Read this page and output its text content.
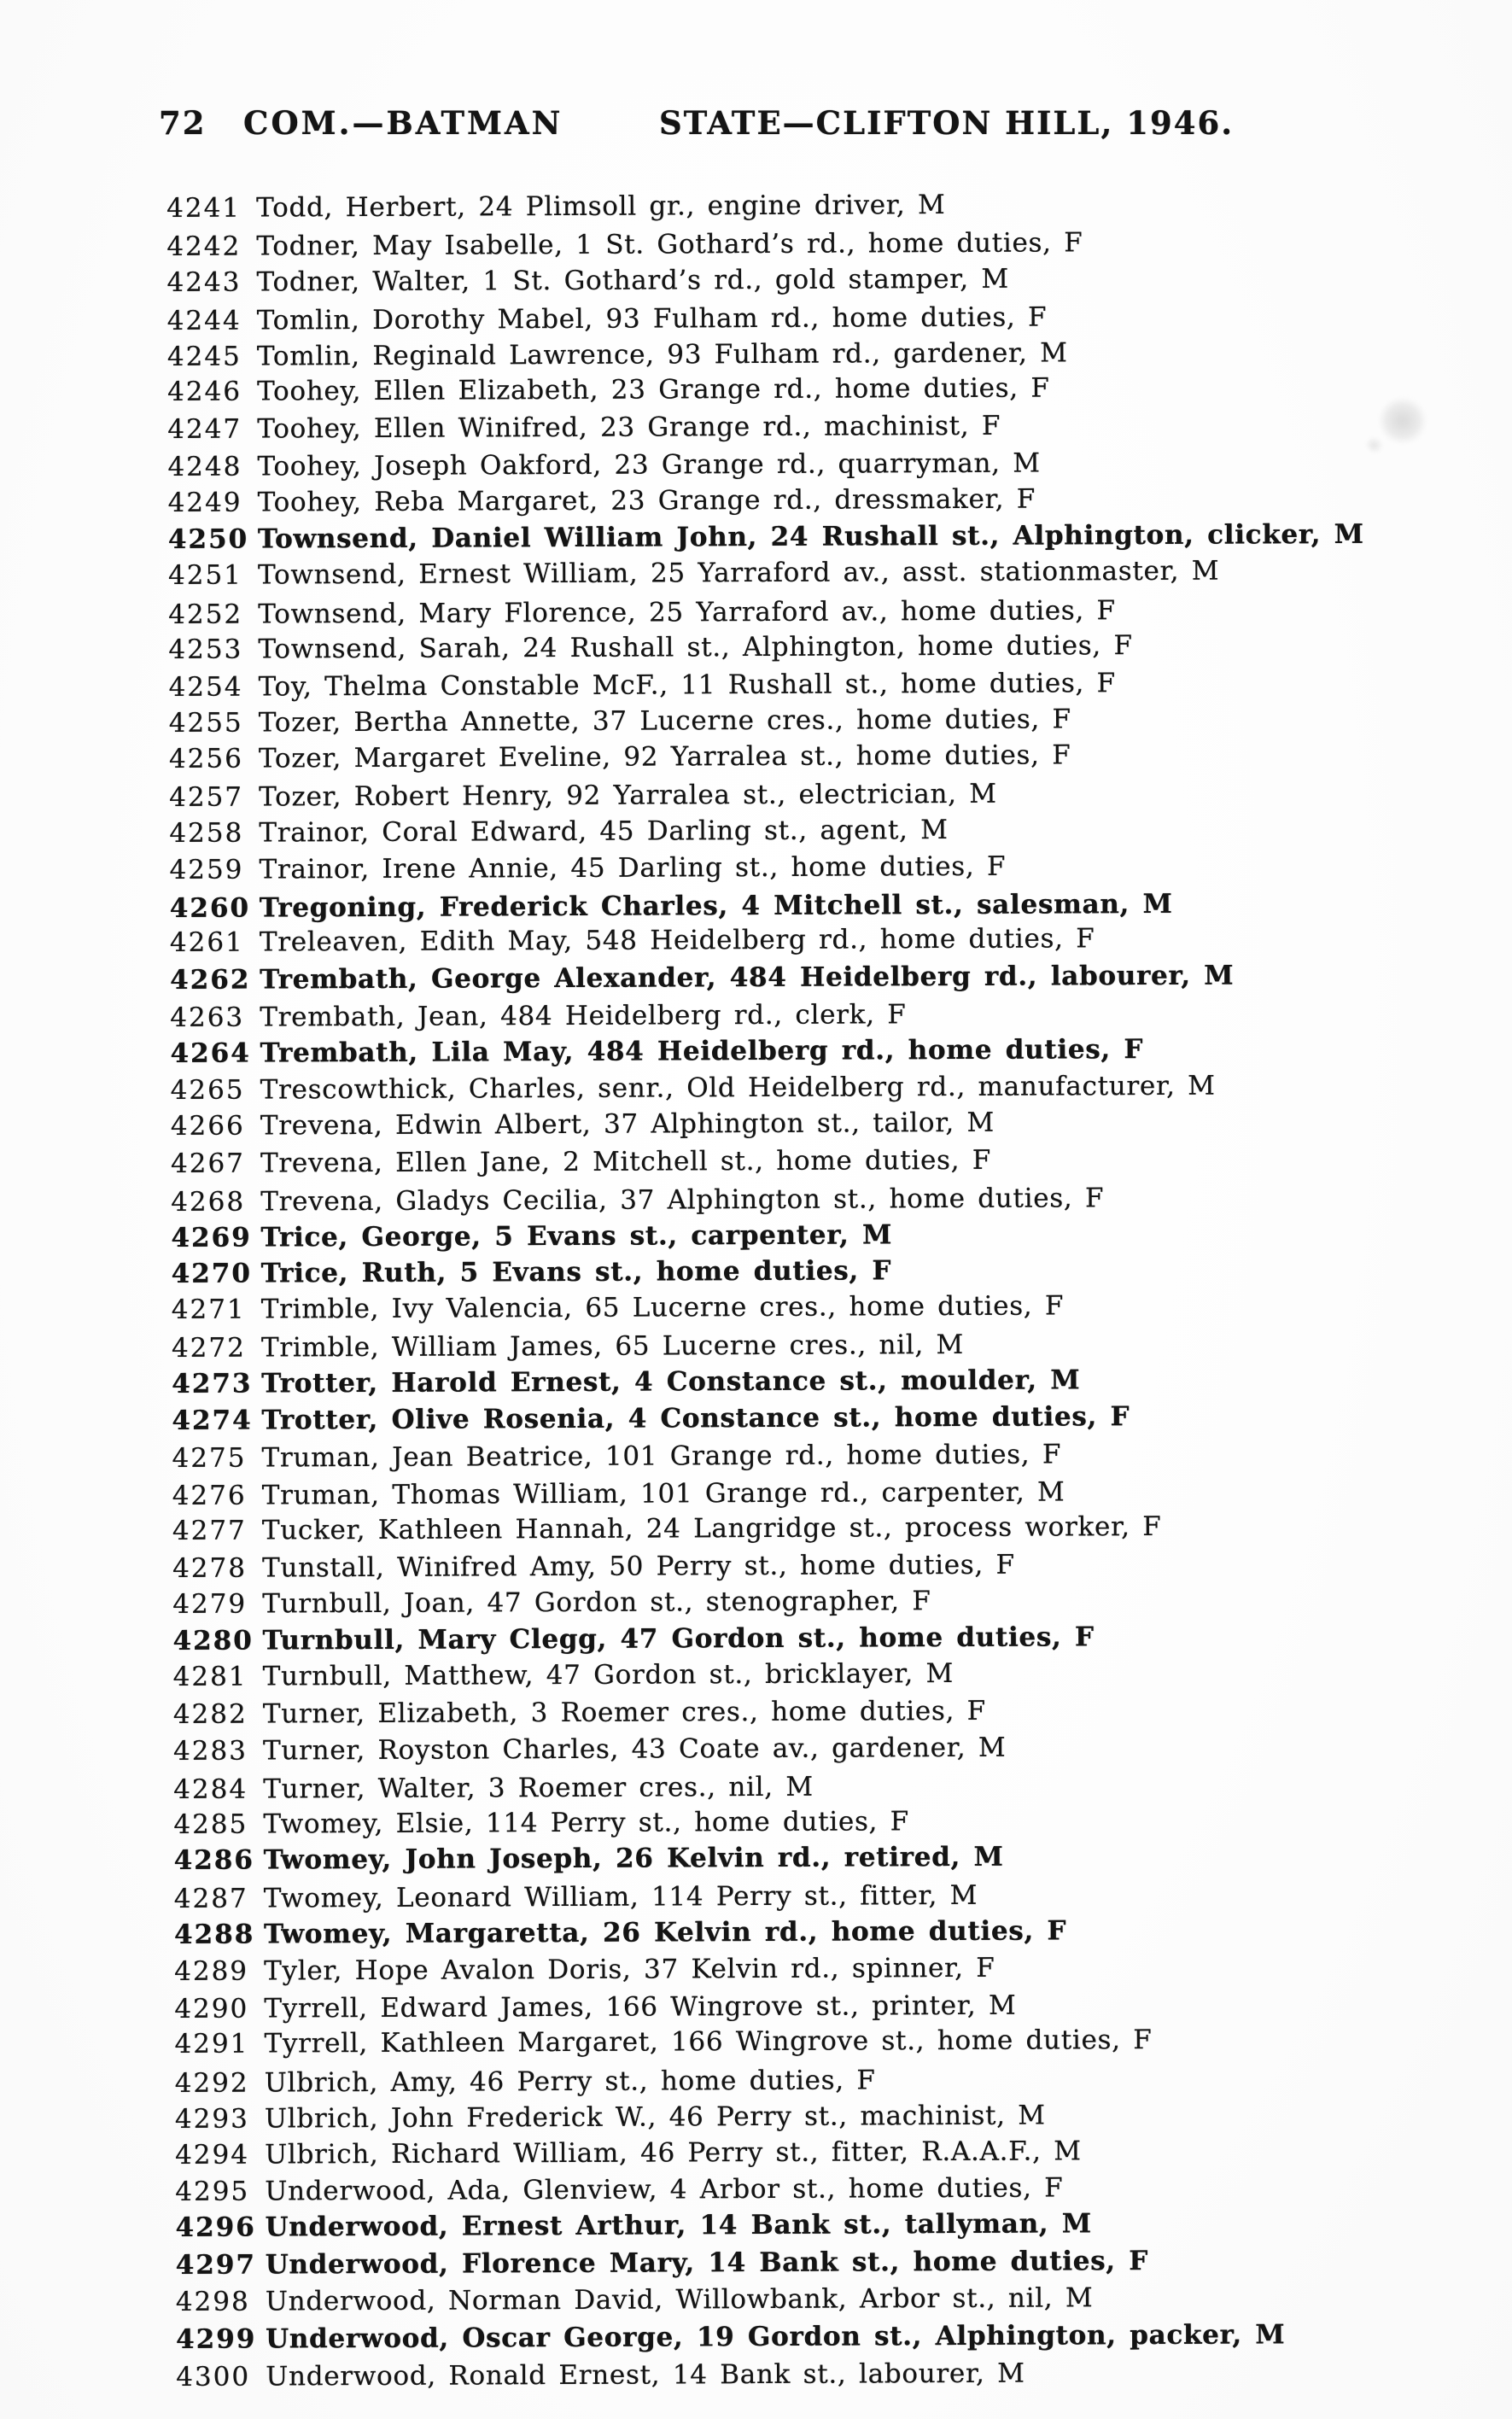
72 COM.—BATMAN	STATE—CLIFTON HILL, 1946.
4241 Todd, Herbert, 24 Plimsoll gr., engine driver, M
4242 Todner, May Isabelle, 1 St. Gothard’s rd., home duties, F
4243 Todner, Walter, 1 St. Gothard’s rd., gold stamper, M
4244 Tomlin, Dorothy Mabel, 93 Fulham rd., home duties, F
4245 Tomlin, Reginald Lawrence, 93 Fulham rd., gardener, M
4246 Toohey, Ellen Elizabeth, 23 Grange rd., home duties, F
4247 Toohey, Ellen Winifred, 23 Grange rd., machinist, F
4248 Toohey, Joseph Oakford, 23 Grange rd., quarryman, M
4249 Toohey, Reba Margaret, 23 Grange rd., dressmaker, F
4250 Townsend, Daniel William John, 24 Rushall st., Alphington, clicker, M
4251 Townsend, Ernest William, 25 Yarraford av., asst. stationmaster, M
4252 Townsend, Mary Florence, 25 Yarraford av., home duties, F
4253 Townsend, Sarah, 24 Rushall st., Alphington, home duties, F
4254 Toy, Thelma Constable McF., 11 Rushall st., home duties, F
4255 Tozer, Bertha Annette, 37 Lucerne cres., home duties, F
4256 Tozer, Margaret Eveline, 92 Yarralea st., home duties, F
4257 Tozer, Robert Henry, 92 Yarralea st., electrician, M
4258 Trainor, Coral Edward, 45 Darling st., agent, M
4259 Trainor, Irene Annie, 45 Darling st., home duties, F
4260 Tregoning, Frederick Charles, 4 Mitchell st., salesman, M
4261 Treleaven, Edith May, 548 Heidelberg rd., home duties, F
4262 Trembath, George Alexander, 484 Heidelberg rd., labourer, M
4263 Trembath, Jean, 484 Heidelberg rd., clerk, F
4264 Trembath, Lila May, 484 Heidelberg rd., home duties, F
4265 Trescowthick, Charles, senr., Old Heidelberg rd., manufacturer, M
4266 Trevena, Edwin Albert, 37 Alphington st., tailor, M
4267 Trevena, Ellen Jane, 2 Mitchell st., home duties, F
4268 Trevena, Gladys Cecilia, 37 Alphington st., home duties, F
4269 Trice, George, 5 Evans st., carpenter, M
4270 Trice, Ruth, 5 Evans st., home duties, F
4271 Trimble, Ivy Valencia, 65 Lucerne cres., home duties, F
4272 Trimble, William James, 65 Lucerne cres., nil, M
4273 Trotter, Harold Ernest, 4 Constance st., moulder, M
4274 Trotter, Olive Rosenia, 4 Constance st., home duties, F
4275 Truman, Jean Beatrice, 101 Grange rd., home duties, F
4276 Truman, Thomas William, 101 Grange rd., carpenter, M
4277 Tucker, Kathleen Hannah, 24 Langridge st., process worker, F
4278 Tunstall, Winifred Amy, 50 Perry st., home duties, F
4279 Turnbull, Joan, 47 Gordon st., stenographer, F
4280 Turnbull, Mary Clegg, 47 Gordon st., home duties, F
4281 Turnbull, Matthew, 47 Gordon st., bricklayer, M
4282 Turner, Elizabeth, 3 Roemer cres., home duties, F
4283 Turner, Royston Charles, 43 Coate av., gardener, M
4284 Turner, Walter, 3 Roemer cres., nil, M
4285 Twomey, Elsie, 114 Perry st., home duties, F
4286 Twomey, John Joseph, 26 Kelvin rd., retired, M
4287 Twomey, Leonard William, 114 Perry st., fitter, M
4288 Twomey, Margaretta, 26 Kelvin rd., home duties, F
4289 Tyler, Hope Avalon Doris, 37 Kelvin rd., spinner, F
4290 Tyrrell, Edward James, 166 Wingrove st., printer, M
4291 Tyrrell, Kathleen Margaret, 166 Wingrove st., home duties, F
4292 Ulbrich, Amy, 46 Perry st., home duties, F
4293 Ulbrich, John Frederick W., 46 Perry st., machinist, M
4294 Ulbrich, Richard William, 46 Perry st., fitter, R.A.A.F., M
4295 Underwood, Ada, Glenview, 4 Arbor st., home duties, F
4296 Underwood, Ernest Arthur, 14 Bank st., tallyman, M
4297 Underwood, Florence Mary, 14 Bank st., home duties, F
4298 Underwood, Norman David, Willowbank, Arbor st., nil, M
4299 Underwood, Oscar George, 19 Gordon st., Alphington, packer, M
4300 Underwood, Ronald Ernest, 14 Bank st., labourer, M
